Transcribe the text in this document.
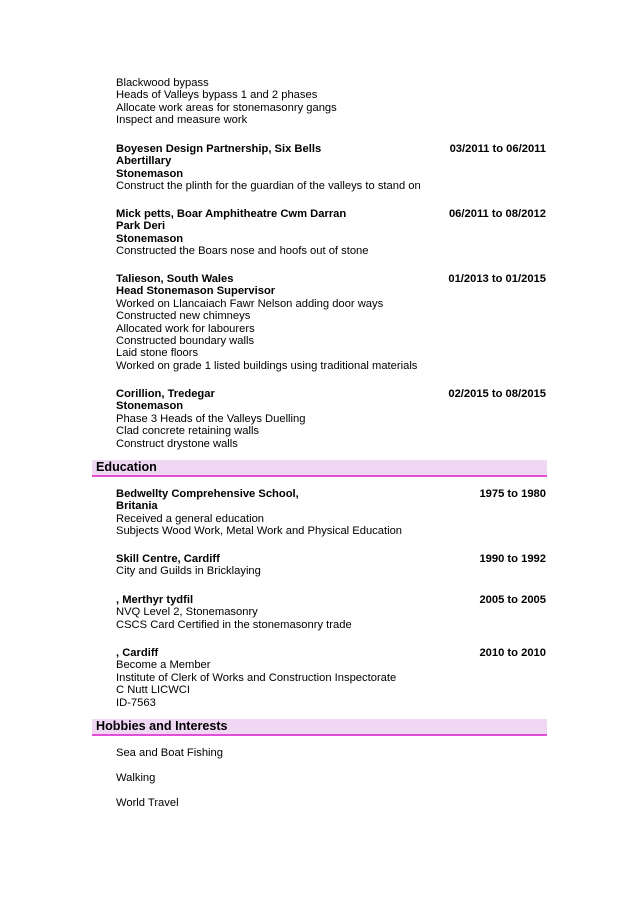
Blackwood bypass
Heads of Valleys bypass 1 and 2 phases
Allocate work areas for stonemasonry gangs
Inspect and measure work
03/2011 to 06/2011
Boyesen Design Partnership, Six Bells
Abertillary
Stonemason
Construct the plinth for the guardian of the valleys to stand on
06/2011 to 08/2012
Mick petts, Boar Amphitheatre Cwm Darran
Park Deri
Stonemason
Constructed the Boars nose and hoofs out of stone
01/2013 to 01/2015
Talieson, South Wales
Head Stonemason Supervisor
Worked on Llancaiach Fawr Nelson adding door ways
Constructed new chimneys
Allocated work for labourers
Constructed boundary walls
Laid stone floors
Worked on grade 1 listed buildings using traditional materials
02/2015 to 08/2015
Corillion, Tredegar
Stonemason
Phase 3 Heads of the Valleys Duelling
Clad concrete retaining walls
Construct drystone walls
Education
1975 to 1980
Bedwellty Comprehensive School,
Britania
Received a general education
Subjects Wood Work, Metal Work and Physical Education
1990 to 1992
Skill Centre, Cardiff
City and Guilds in Bricklaying
2005 to 2005
, Merthyr tydfil
NVQ Level 2, Stonemasonry
CSCS Card Certified in the stonemasonry trade
2010 to 2010
, Cardiff
Become a Member
Institute of Clerk of Works and Construction Inspectorate
C Nutt LICWCI
ID-7563
Hobbies and Interests
Sea and Boat Fishing
Walking
World Travel
